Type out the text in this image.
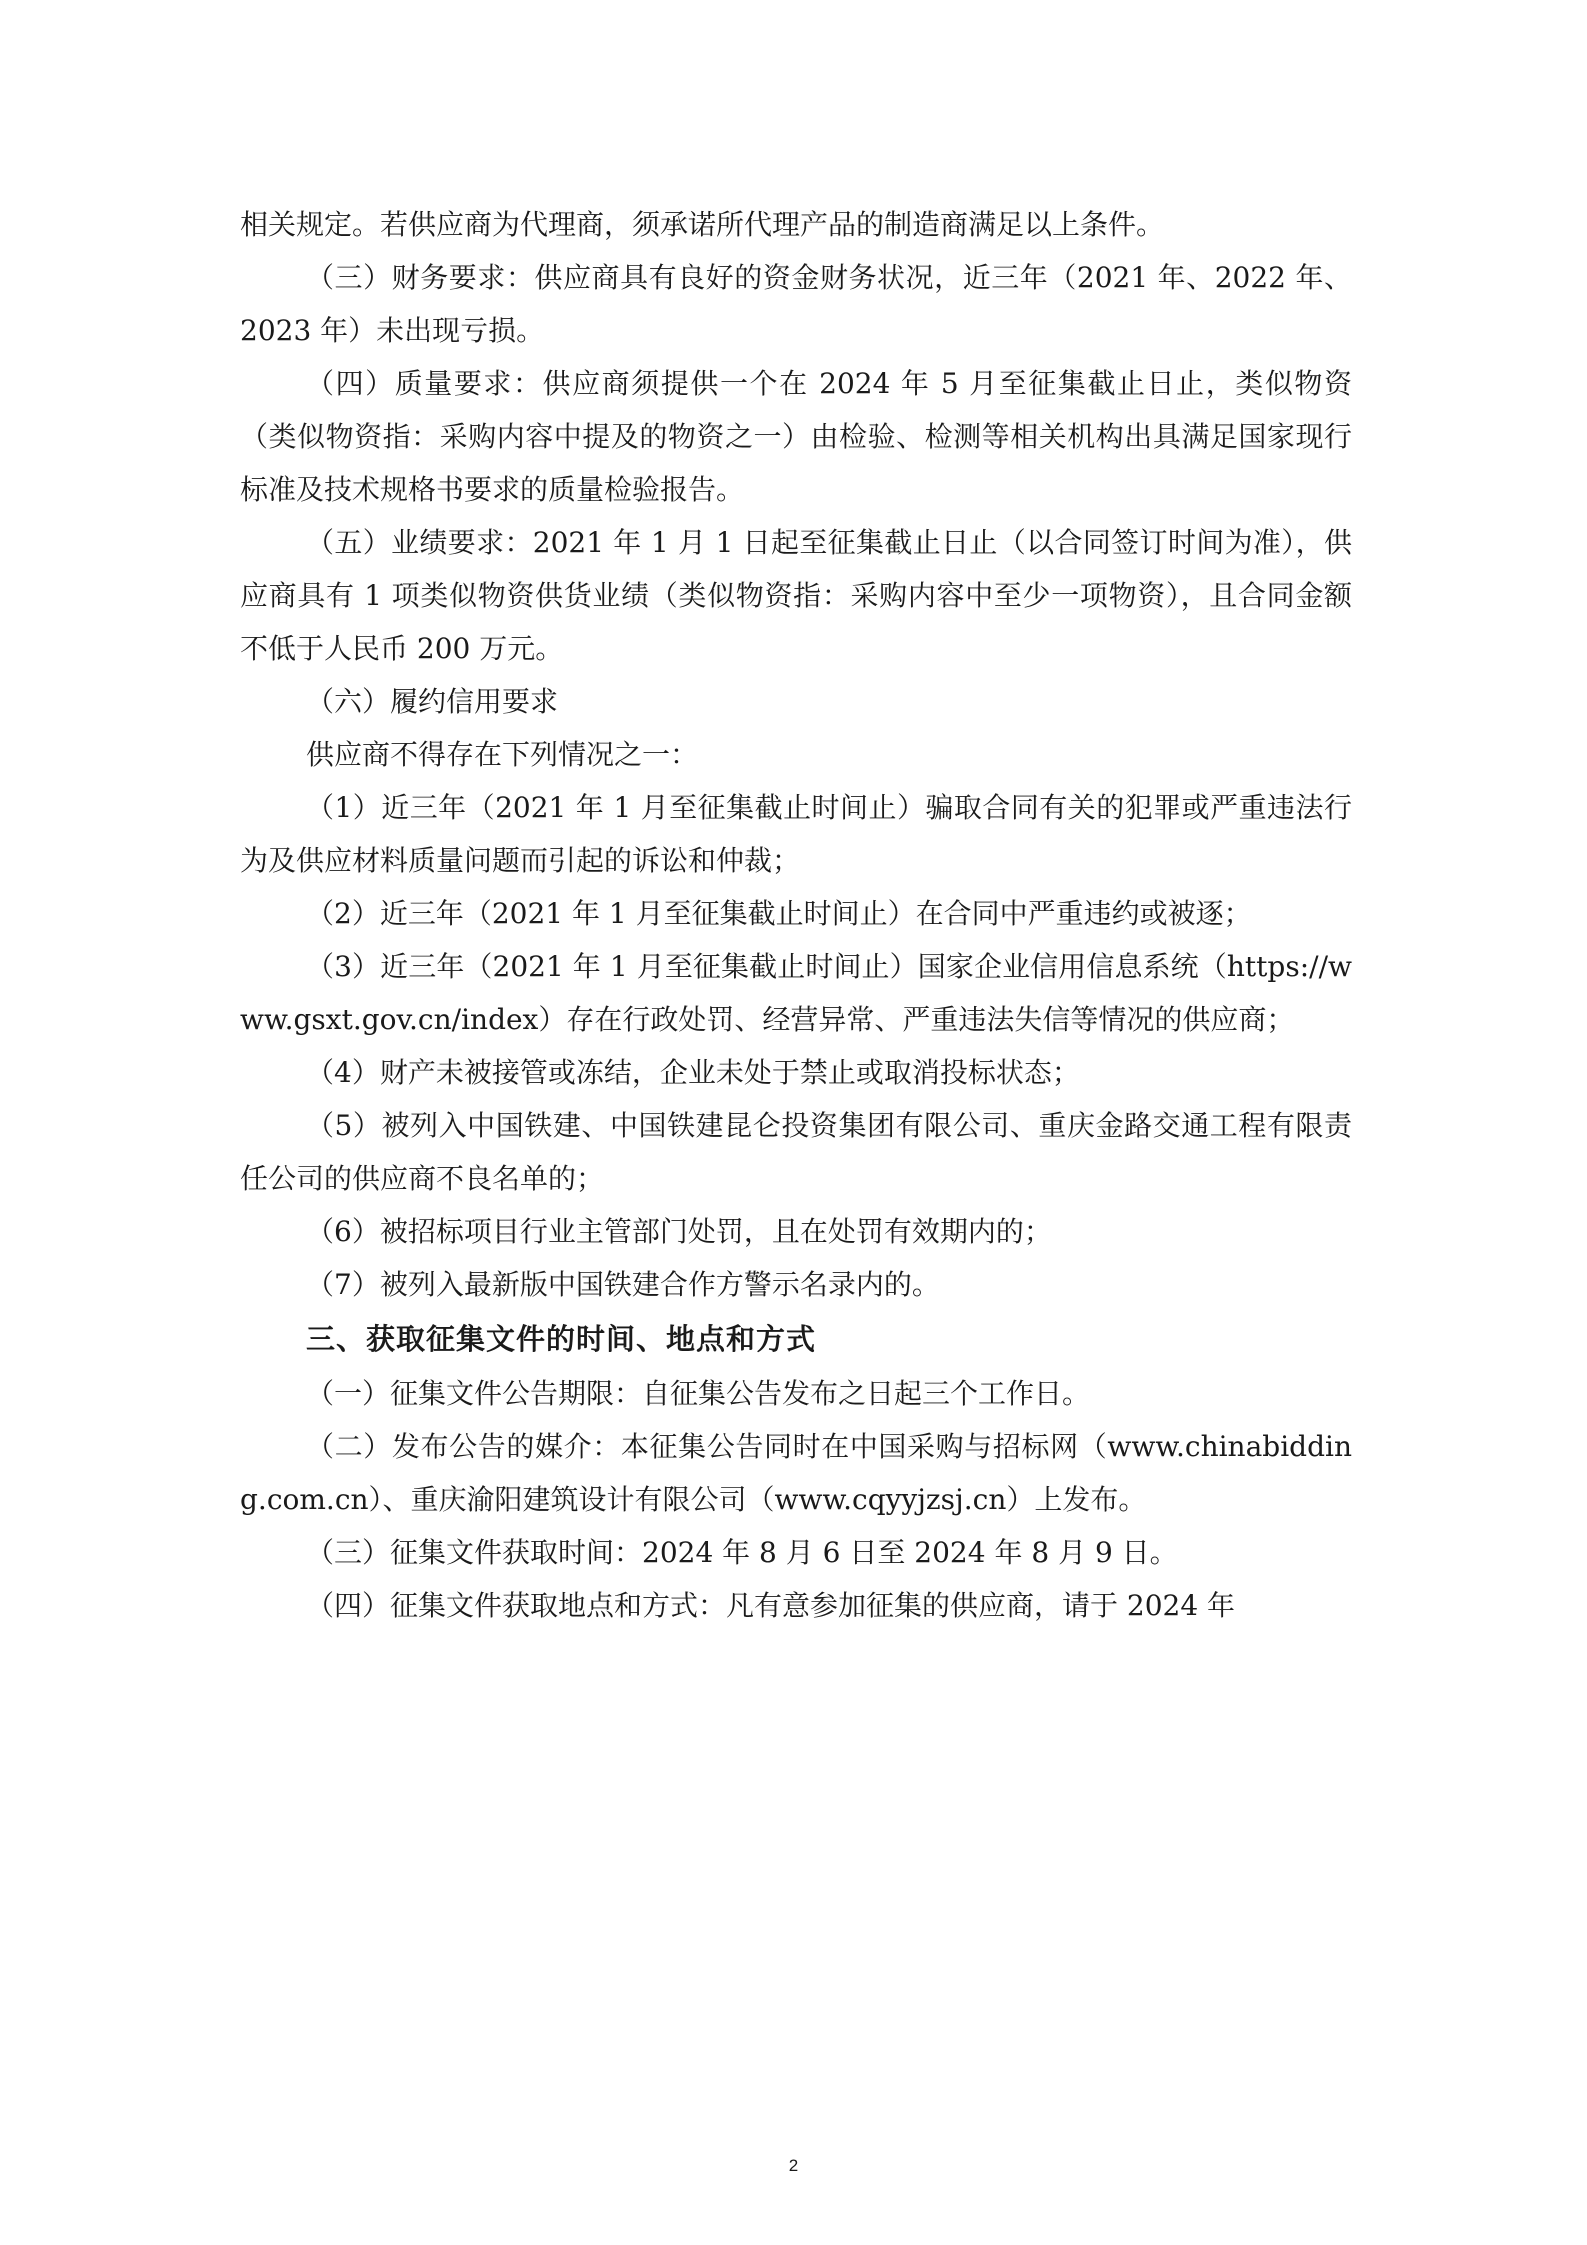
相关规定。若供应商为代理商，须承诺所代理产品的制造商满足以上条件。

（三）财务要求：供应商具有良好的资金财务状况，近三年（2021 年、2022 年、2023 年）未出现亏损。

（四）质量要求：供应商须提供一个在 2024 年 5 月至征集截止日止，类似物资（类似物资指：采购内容中提及的物资之一）由检验、检测等相关机构出具满足国家现行标准及技术规格书要求的质量检验报告。

（五）业绩要求：2021 年 1 月 1 日起至征集截止日止（以合同签订时间为准），供应商具有 1 项类似物资供货业绩（类似物资指：采购内容中至少一项物资），且合同金额不低于人民币 200 万元。

（六）履约信用要求

供应商不得存在下列情况之一：

（1）近三年（2021 年 1 月至征集截止时间止）骗取合同有关的犯罪或严重违法行为及供应材料质量问题而引起的诉讼和仲裁；

（2）近三年（2021 年 1 月至征集截止时间止）在合同中严重违约或被逐；

（3）近三年（2021 年 1 月至征集截止时间止）国家企业信用信息系统（https://www.gsxt.gov.cn/index）存在行政处罚、经营异常、严重违法失信等情况的供应商；

（4）财产未被接管或冻结，企业未处于禁止或取消投标状态；

（5）被列入中国铁建、中国铁建昆仑投资集团有限公司、重庆金路交通工程有限责任公司的供应商不良名单的；

（6）被招标项目行业主管部门处罚，且在处罚有效期内的；

（7）被列入最新版中国铁建合作方警示名录内的。

三、获取征集文件的时间、地点和方式

（一）征集文件公告期限：自征集公告发布之日起三个工作日。

（二）发布公告的媒介：本征集公告同时在中国采购与招标网（www.chinabidding.com.cn）、重庆渝阳建筑设计有限公司（www.cqyyjzsj.cn）上发布。

（三）征集文件获取时间：2024 年 8 月 6 日至 2024 年 8 月 9 日。

（四）征集文件获取地点和方式：凡有意参加征集的供应商，请于 2024 年

2
